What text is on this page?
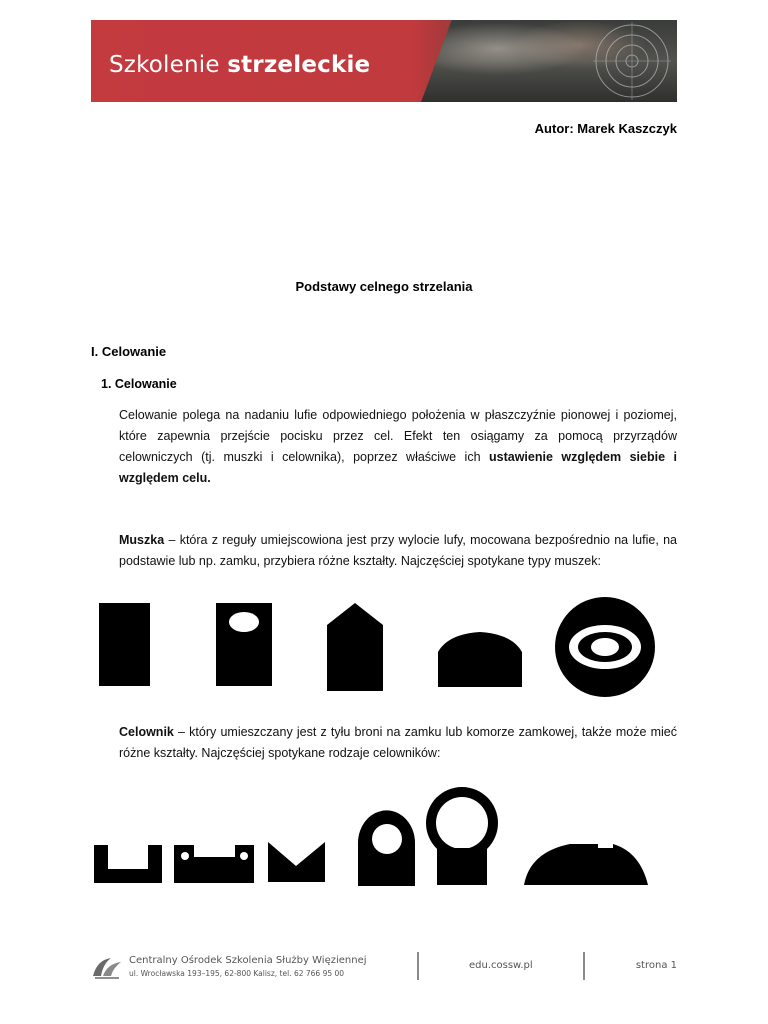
Szkolenie strzeleckie
Autor: Marek Kaszczyk
Podstawy celnego strzelania
I. Celowanie
1. Celowanie
Celowanie polega na nadaniu lufie odpowiedniego położenia w płaszczyźnie pionowej i poziomej, które zapewnia przejście pocisku przez cel. Efekt ten osiągamy za pomocą przyrządów celowniczych (tj. muszki i celownika), poprzez właściwe ich ustawienie względem siebie i względem celu.
Muszka – która z reguły umiejscowiona jest przy wylocie lufy, mocowana bezpośrednio na lufie, na podstawie lub np. zamku, przybiera różne kształty. Najczęściej spotykane typy muszek:
Celownik – który umieszczany jest z tyłu broni na zamku lub komorze zamkowej, także może mieć różne kształty. Najczęściej spotykane rodzaje celowników:
Centralny Ośrodek Szkolenia Służby Więziennej
ul. Wrocławska 193–195, 62-800 Kalisz, tel. 62 766 95 00
edu.cossw.pl	strona 1
